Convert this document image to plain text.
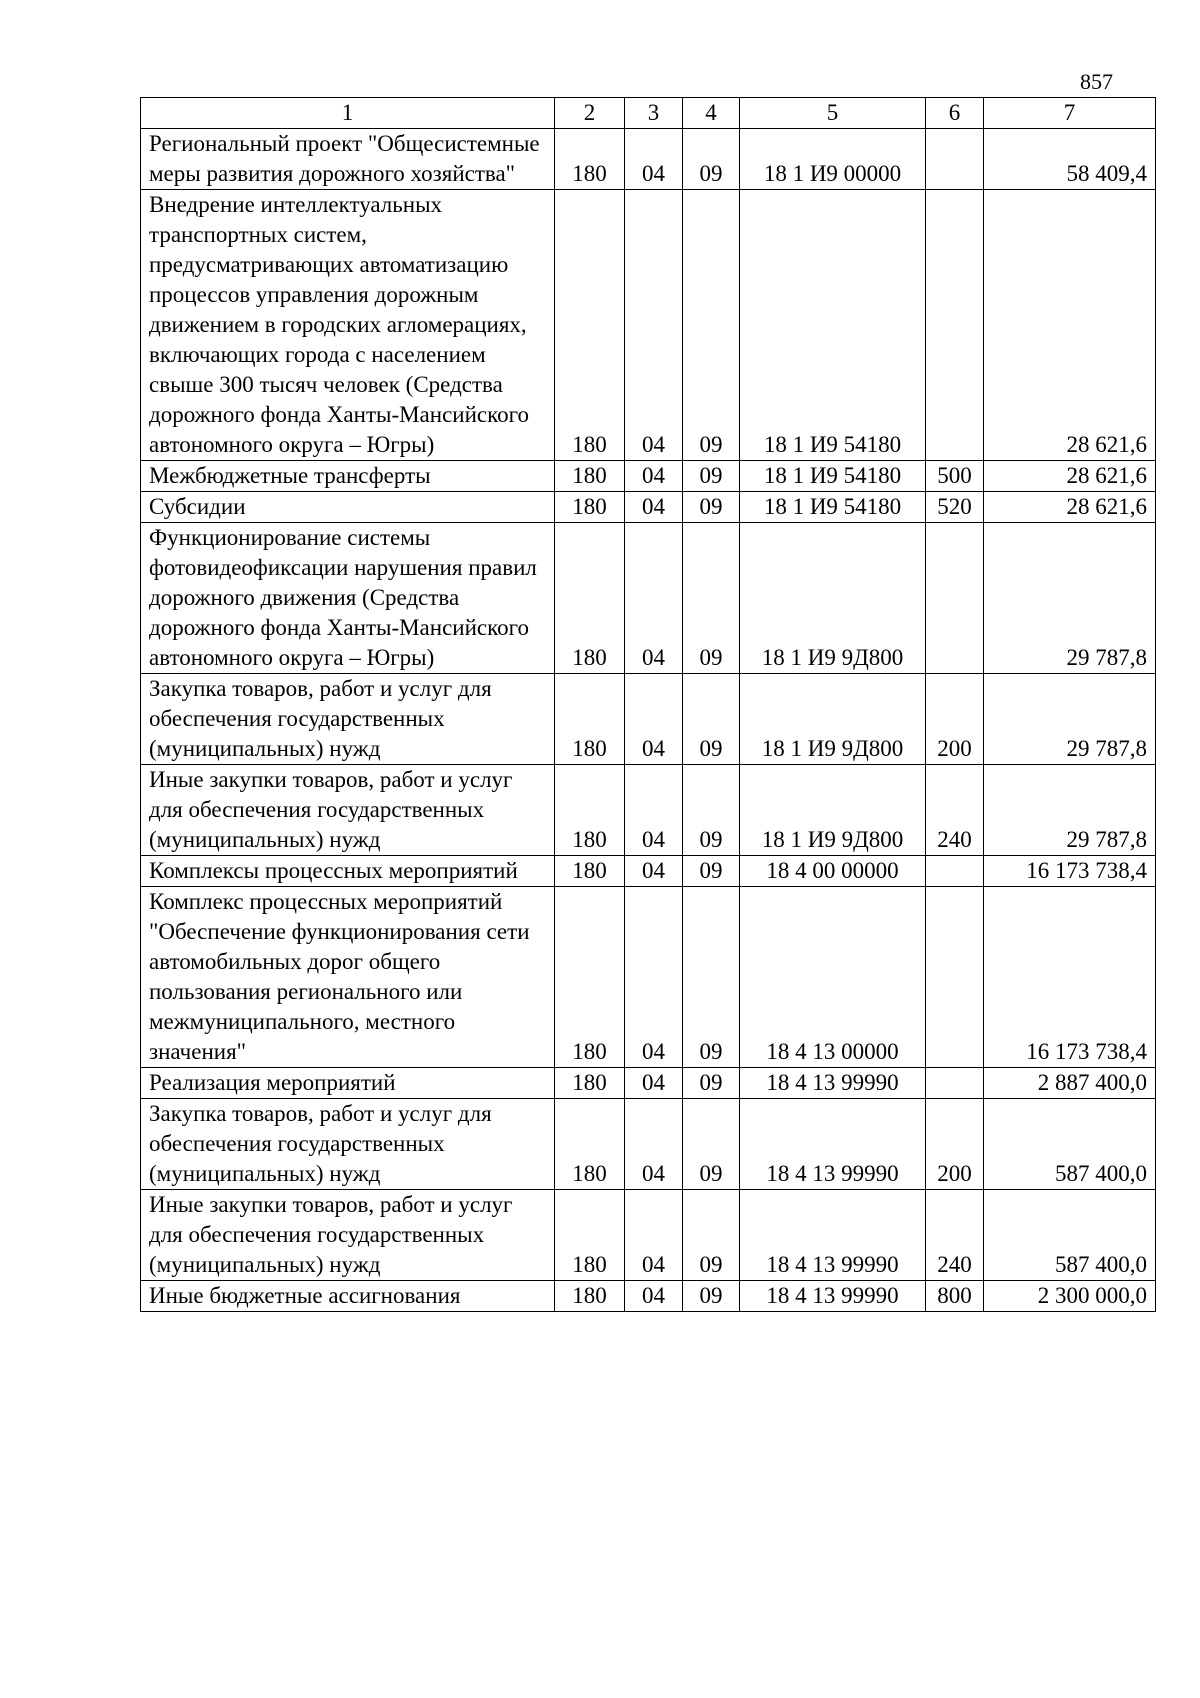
857
1	2	3	4	5	6	7
Региональный проект "Общесистемные меры развития дорожного хозяйства"	180	04	09	18 1 И9 00000		58 409,4
Внедрение интеллектуальных транспортных систем, предусматривающих автоматизацию процессов управления дорожным движением в городских агломерациях, включающих города с населением свыше 300 тысяч человек (Средства дорожного фонда Ханты-Мансийского автономного округа – Югры)	180	04	09	18 1 И9 54180		28 621,6
Межбюджетные трансферты	180	04	09	18 1 И9 54180	500	28 621,6
Субсидии	180	04	09	18 1 И9 54180	520	28 621,6
Функционирование системы фотовидеофиксации нарушения правил дорожного движения (Средства дорожного фонда Ханты-Мансийского автономного округа – Югры)	180	04	09	18 1 И9 9Д800		29 787,8
Закупка товаров, работ и услуг для обеспечения государственных (муниципальных) нужд	180	04	09	18 1 И9 9Д800	200	29 787,8
Иные закупки товаров, работ и услуг для обеспечения государственных (муниципальных) нужд	180	04	09	18 1 И9 9Д800	240	29 787,8
Комплексы процессных мероприятий	180	04	09	18 4 00 00000		16 173 738,4
Комплекс процессных мероприятий "Обеспечение функционирования сети автомобильных дорог общего пользования регионального или межмуниципального, местного значения"	180	04	09	18 4 13 00000		16 173 738,4
Реализация мероприятий	180	04	09	18 4 13 99990		2 887 400,0
Закупка товаров, работ и услуг для обеспечения государственных (муниципальных) нужд	180	04	09	18 4 13 99990	200	587 400,0
Иные закупки товаров, работ и услуг для обеспечения государственных (муниципальных) нужд	180	04	09	18 4 13 99990	240	587 400,0
Иные бюджетные ассигнования	180	04	09	18 4 13 99990	800	2 300 000,0
